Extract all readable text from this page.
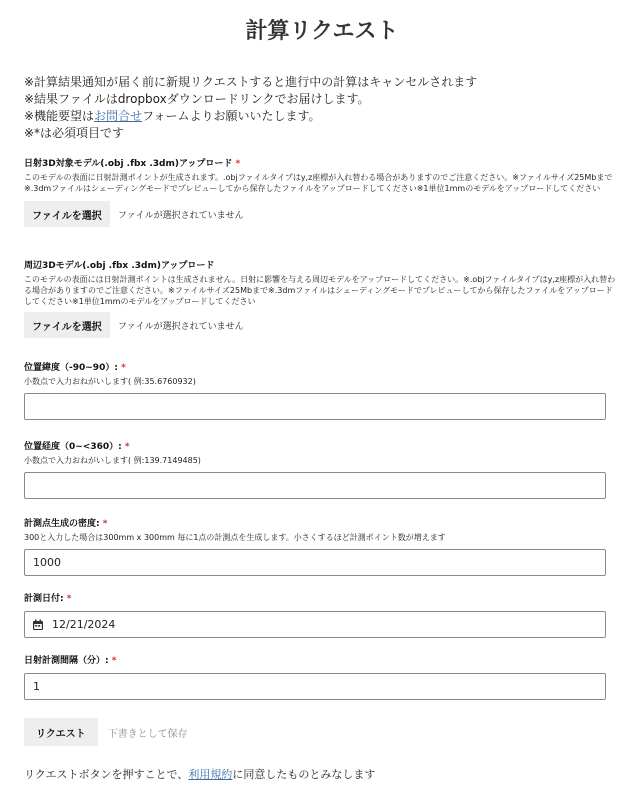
計算リクエスト
※計算結果通知が届く前に新規リクエストすると進行中の計算はキャンセルされます
※結果ファイルはdropboxダウンロードリンクでお届けします。
※機能要望はお問合せフォームよりお願いいたします。
※*は必須項目です
日射3D対象モデル(.obj .fbx .3dm)アップロード *
このモデルの表面に日射計測ポイントが生成されます。.objファイルタイプはy,z座標が入れ替わる場合がありますのでご注意ください。※ファイルサイズ25Mbまで※.3dmファイルはシェーディングモードでプレビューしてから保存したファイルをアップロードしてください※1単位1mmのモデルをアップロードしてください
ファイルを選択	ファイルが選択されていません
周辺3Dモデル(.obj .fbx .3dm)アップロード
このモデルの表面には日射計測ポイントは生成されません。日射に影響を与える周辺モデルをアップロードしてください。※.objファイルタイプはy,z座標が入れ替わる場合がありますのでご注意ください。※ファイルサイズ25Mbまで※.3dmファイルはシェーディングモードでプレビューしてから保存したファイルをアップロードしてください※1単位1mmのモデルをアップロードしてください
ファイルを選択	ファイルが選択されていません
位置緯度（-90~90）: *
小数点で入力おねがいします( 例:35.6760932)
位置経度（0~<360）: *
小数点で入力おねがいします( 例:139.7149485)
計測点生成の密度: *
300と入力した場合は300mm x 300mm 毎に1点の計測点を生成します。小さくするほど計測ポイント数が増えます
1000
計測日付: *
12/21/2024
日射計測間隔（分）: *
1
リクエスト	下書きとして保存
リクエストボタンを押すことで、利用規約に同意したものとみなします
